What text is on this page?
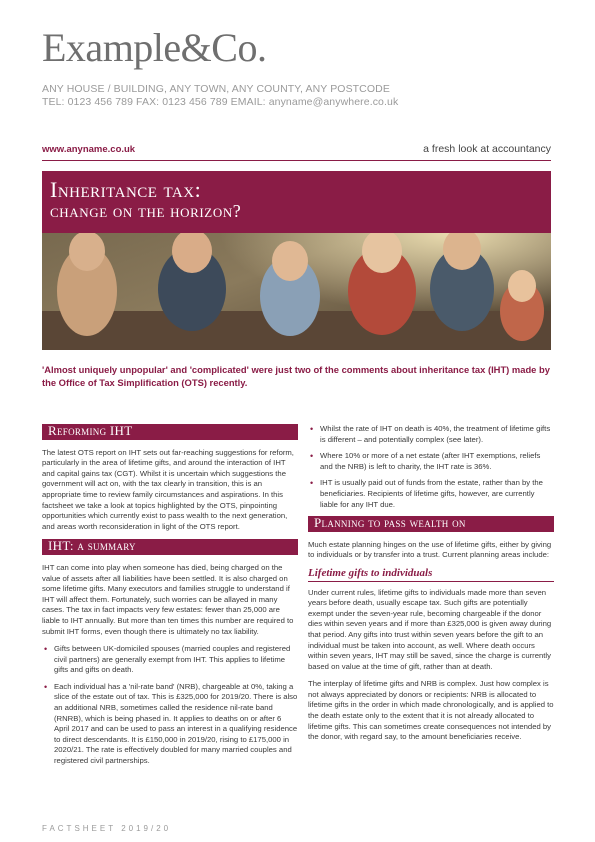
Example&Co.
ANY HOUSE / BUILDING, ANY TOWN, ANY COUNTY, ANY POSTCODE
TEL: 0123 456 789 FAX: 0123 456 789 EMAIL: anyname@anywhere.co.uk
www.anyname.co.uk	a fresh look at accountancy
Inheritance tax:
change on the horizon?
'Almost uniquely unpopular' and 'complicated' were just two of the comments about inheritance tax (IHT) made by the Office of Tax Simplification (OTS) recently.
Reforming IHT
The latest OTS report on IHT sets out far-reaching suggestions for reform, particularly in the area of lifetime gifts, and around the interaction of IHT and capital gains tax (CGT). Whilst it is uncertain which suggestions the government will act on, with the tax clearly in transition, this is an appropriate time to review family circumstances and aspirations. In this factsheet we take a look at topics highlighted by the OTS, pinpointing opportunities which currently exist to pass wealth to the next generation, and areas worth reconsideration in light of the OTS report.
IHT: a summary
IHT can come into play when someone has died, being charged on the value of assets after all liabilities have been settled. It is also charged on some lifetime gifts. Many executors and families struggle to understand if IHT will affect them. Fortunately, such worries can be allayed in many cases. The tax in fact impacts very few estates: fewer than 25,000 are liable to IHT annually. But more than ten times this number are required to submit IHT forms, even though there is ultimately no tax liability.
• Gifts between UK-domiciled spouses (married couples and registered civil partners) are generally exempt from IHT. This applies to lifetime gifts and gifts on death.
• Each individual has a 'nil-rate band' (NRB), chargeable at 0%, taking a slice of the estate out of tax. This is £325,000 for 2019/20. There is also an additional NRB, sometimes called the residence nil-rate band (RNRB), which is being phased in. It applies to deaths on or after 6 April 2017 and can be used to pass an interest in a qualifying residence to direct descendants. It is £150,000 in 2019/20, rising to £175,000 in 2020/21. The rate is effectively doubled for many married couples and registered civil partnerships.
• Whilst the rate of IHT on death is 40%, the treatment of lifetime gifts is different – and potentially complex (see later).
• Where 10% or more of a net estate (after IHT exemptions, reliefs and the NRB) is left to charity, the IHT rate is 36%.
• IHT is usually paid out of funds from the estate, rather than by the beneficiaries. Recipients of lifetime gifts, however, are currently liable for any IHT due.
Planning to pass wealth on
Much estate planning hinges on the use of lifetime gifts, either by giving to individuals or by transfer into a trust. Current planning areas include:
Lifetime gifts to individuals
Under current rules, lifetime gifts to individuals made more than seven years before death, usually escape tax. Such gifts are potentially exempt under the seven-year rule, becoming chargeable if the donor dies within seven years and if more than £325,000 is given away during that period. Any gifts into trust within seven years before the gift to an individual must be taken into account, as well. Where death occurs within seven years, IHT may still be saved, since the charge is currently based on value at the time of gift, rather than at death.
The interplay of lifetime gifts and NRB is complex. Just how complex is not always appreciated by donors or recipients: NRB is allocated to lifetime gifts in the order in which made chronologically, and is applied to the death estate only to the extent that it is not already allocated to lifetime gifts. This can sometimes create consequences not intended by the donor, with regard say, to the amount beneficiaries receive.
FACTSHEET 2019/20
